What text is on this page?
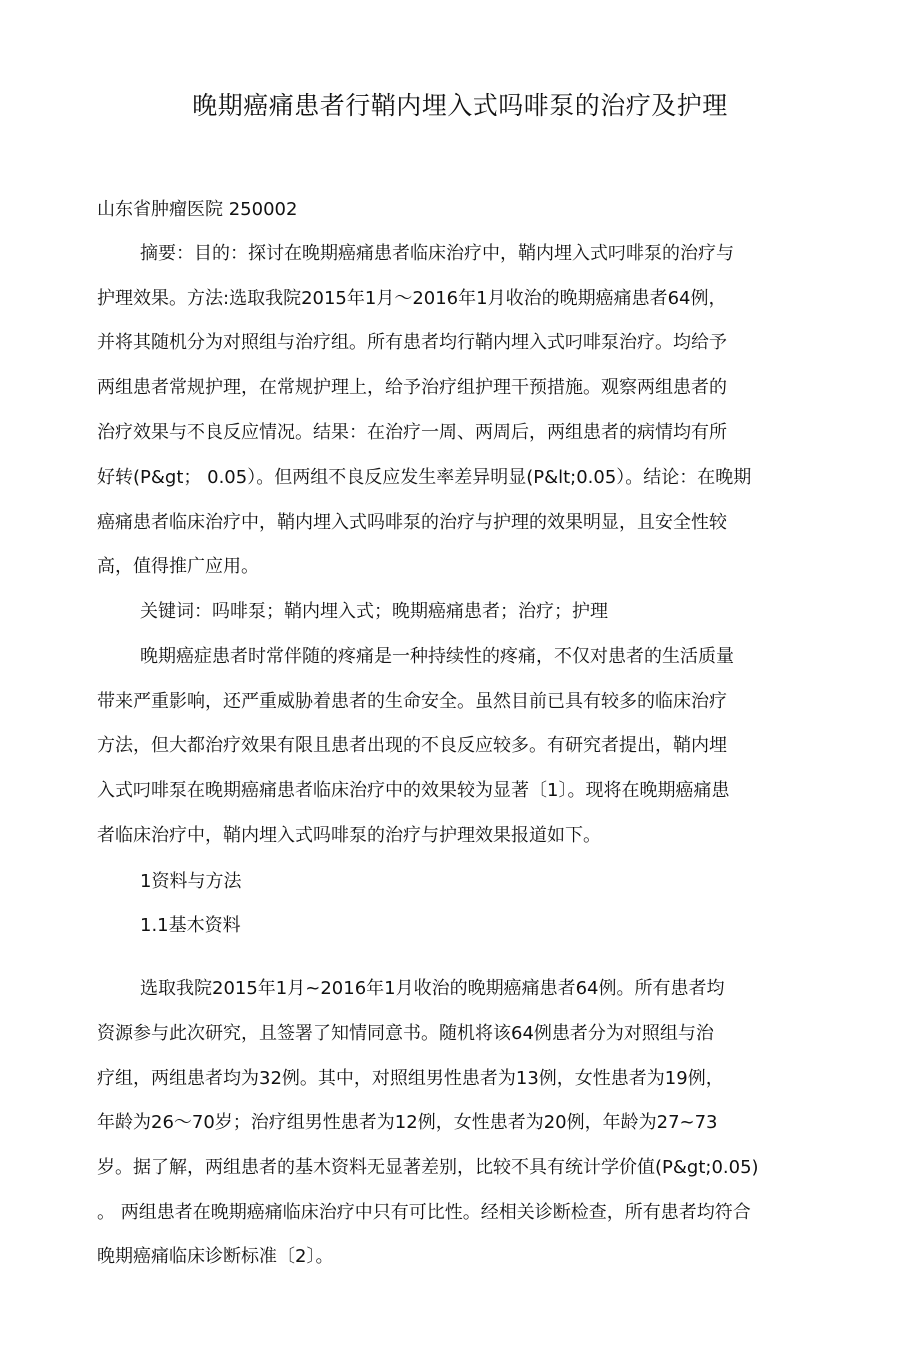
晚期癌痛患者行鞘内埋入式吗啡泵的治疗及护理

山东省肿瘤医院 250002

摘要：目的：探讨在晚期癌痛患者临床治疗中，鞘内埋入式叼啡泵的治疗与

护理效果。方法:选取我院2015年1月～2016年1月收治的晚期癌痛患者64例，

并将其随机分为对照组与治疗组。所有患者均行鞘内埋入式叼啡泵治疗。均给予

两组患者常规护理，在常规护理上，给予治疗组护理干预措施。观察两组患者的

治疗效果与不良反应情况。结果：在治疗一周、两周后，两组患者的病情均有所

好转(P&gt； 0.05）。但两组不良反应发生率差异明显(P&lt;0.05）。结论：在晚期

癌痛患者临床治疗中，鞘内埋入式吗啡泵的治疗与护理的效果明显，且安全性较

高，值得推广应用。

关键词：吗啡泵；鞘内埋入式；晚期癌痛患者；治疗；护理

晚期癌症患者时常伴随的疼痛是一种持续性的疼痛，不仅对患者的生活质量

带来严重影响，还严重威胁着患者的生命安全。虽然目前已具有较多的临床治疗

方法，但大都治疗效果有限且患者出现的不良反应较多。有研究者提出，鞘内埋

入式叼啡泵在晚期癌痛患者临床治疗中的效果较为显著〔1〕。现将在晚期癌痛患

者临床治疗中，鞘内埋入式吗啡泵的治疗与护理效果报道如下。

1资料与方法

1.1基木资料

选取我院2015年1月~2016年1月收治的晚期癌痛患者64例。所有患者均

资源参与此次研究，且签署了知情同意书。随机将该64例患者分为对照组与治

疗组，两组患者均为32例。其中，对照组男性患者为13例，女性患者为19例，

年龄为26～70岁；治疗组男性患者为12例，女性患者为20例，年龄为27~73

岁。据了解，两组患者的基木资料无显著差别，比较不具有统计学价值(P&gt;0.05)

。 两组患者在晚期癌痛临床治疗中只有可比性。经相关诊断检查，所有患者均符合

晚期癌痛临床诊断标准〔2〕。
